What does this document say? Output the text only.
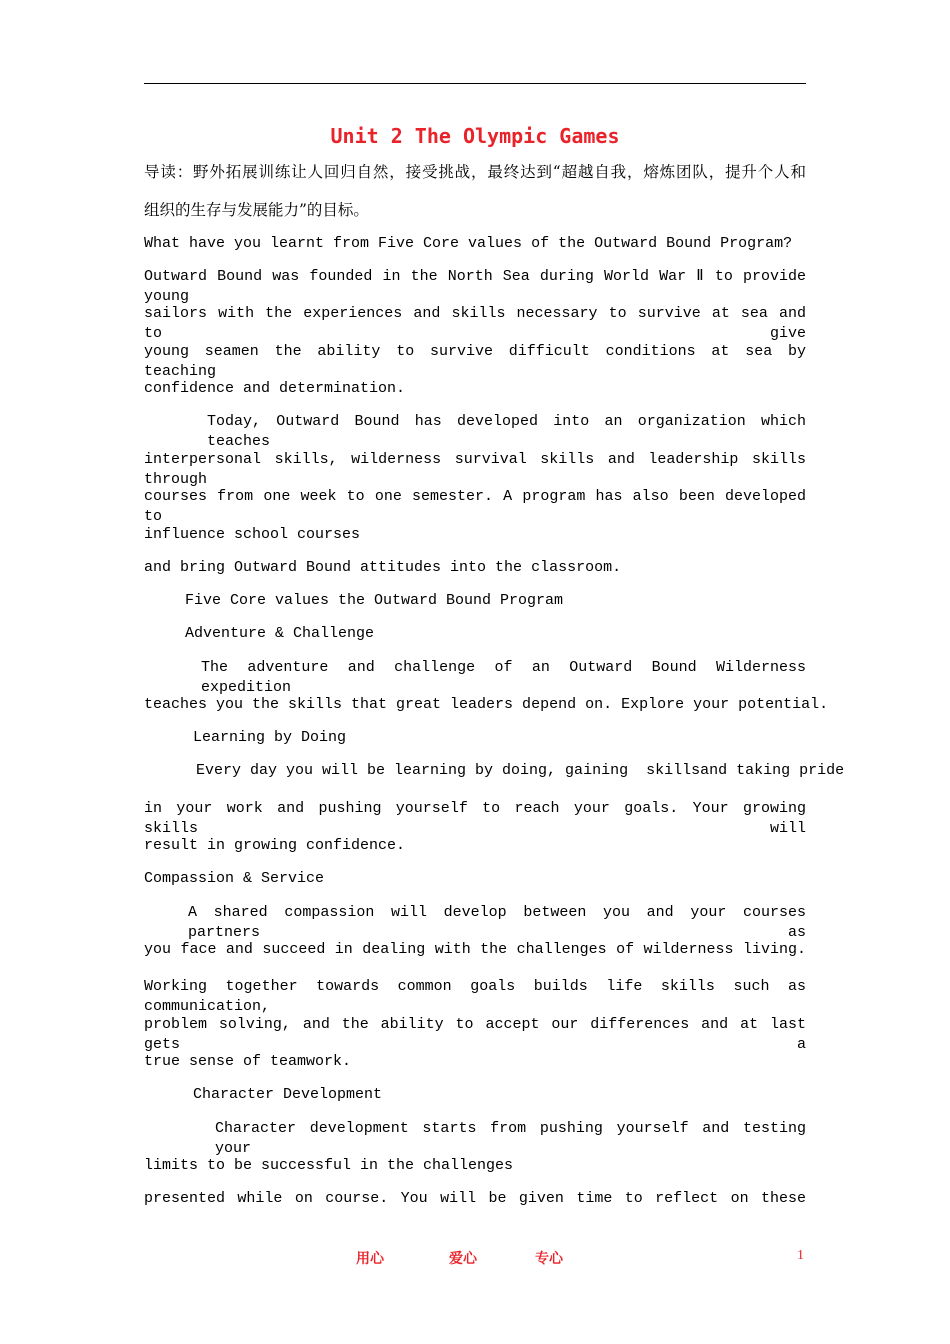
Unit 2 The Olympic Games
导读：野外拓展训练让人回归自然，接受挑战，最终达到“超越自我，熔炼团队，提升个人和
组织的生存与发展能力”的目标。
What have you learnt from Five Core values of the Outward Bound Program?
Outward Bound was founded in the North Sea during World War Ⅱ to provide young
sailors with the experiences and skills necessary to survive at sea and to give
young seamen the ability to survive difficult conditions at sea by teaching
confidence and determination.
Today, Outward Bound has developed into an organization which teaches
interpersonal skills, wilderness survival skills and leadership skills through
courses from one week to one semester. A program has also been developed to
influence school courses
and bring Outward Bound attitudes into the classroom.
Five Core values the Outward Bound Program
Adventure & Challenge
The adventure and challenge of an Outward Bound Wilderness expedition
teaches you the skills that great leaders depend on. Explore your potential.
Learning by Doing
Every day you will be learning by doing, gaining  skillsand taking pride
in your work and pushing yourself to reach your goals. Your growing skills will
result in growing confidence.
Compassion & Service
A shared compassion will develop between you and your courses partners as
you face and succeed in dealing with the challenges of wilderness living.
Working together towards common goals builds life skills such as communication,
problem solving, and the ability to accept our differences and at last gets a
true sense of teamwork.
Character Development
Character development starts from pushing yourself and testing your
limits to be successful in the challenges
presented while on course. You will be given time to reflect on these
用心	爱心	专心	1
